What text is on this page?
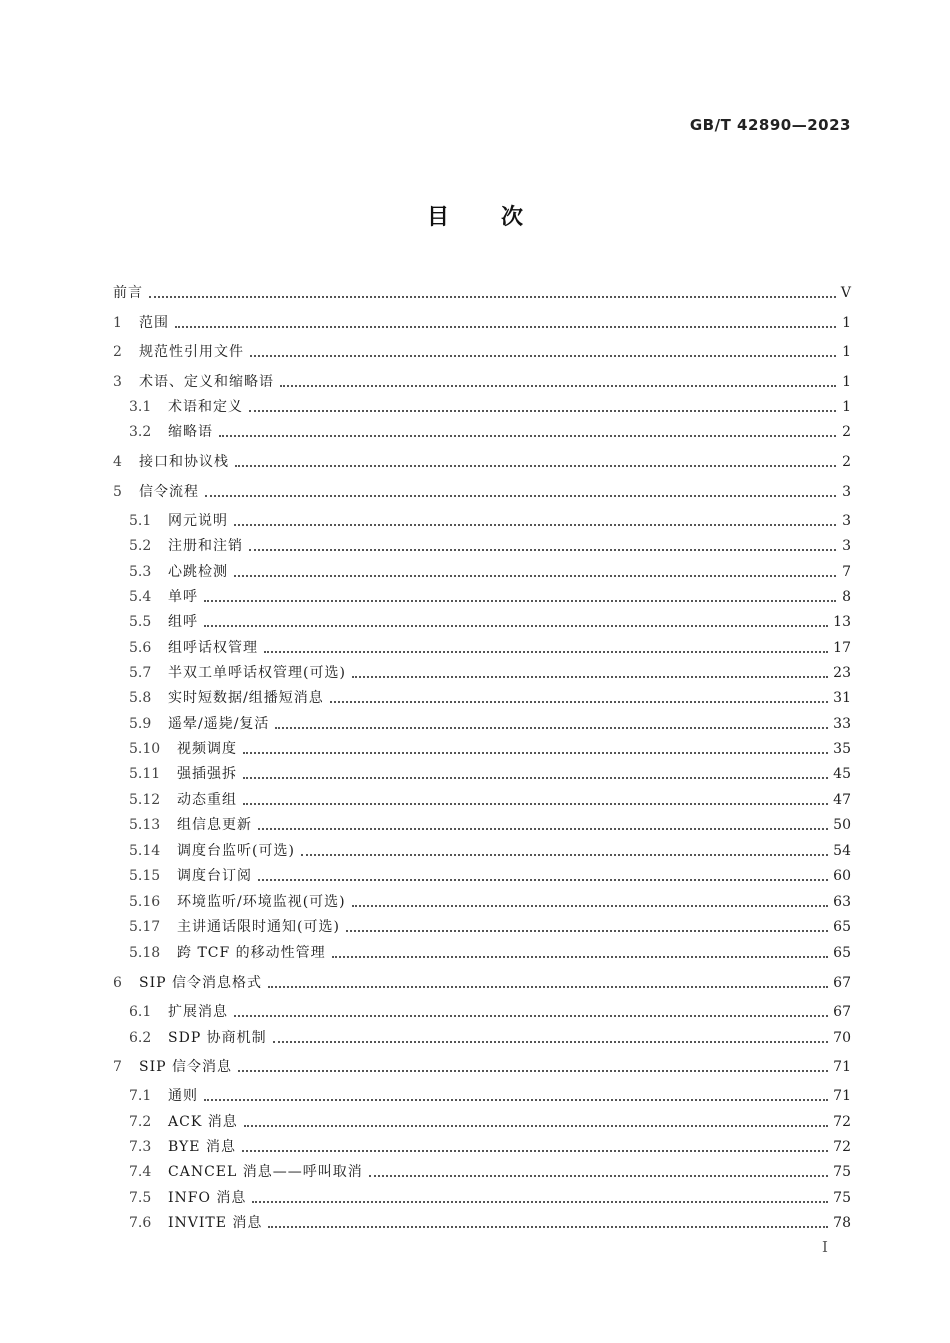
GB/T 42890—2023
目次
前言	Ⅴ
1	范围	1
2	规范性引用文件	1
3	术语、定义和缩略语	1
3.1	术语和定义	1
3.2	缩略语	2
4	接口和协议栈	2
5	信令流程	3
5.1	网元说明	3
5.2	注册和注销	3
5.3	心跳检测	7
5.4	单呼	8
5.5	组呼	13
5.6	组呼话权管理	17
5.7	半双工单呼话权管理(可选)	23
5.8	实时短数据/组播短消息	31
5.9	遥晕/遥毙/复活	33
5.10	视频调度	35
5.11	强插强拆	45
5.12	动态重组	47
5.13	组信息更新	50
5.14	调度台监听(可选)	54
5.15	调度台订阅	60
5.16	环境监听/环境监视(可选)	63
5.17	主讲通话限时通知(可选)	65
5.18	跨 TCF 的移动性管理	65
6	SIP 信令消息格式	67
6.1	扩展消息	67
6.2	SDP 协商机制	70
7	SIP 信令消息	71
7.1	通则	71
7.2	ACK 消息	72
7.3	BYE 消息	72
7.4	CANCEL 消息——呼叫取消	75
7.5	INFO 消息	75
7.6	INVITE 消息	78
I
